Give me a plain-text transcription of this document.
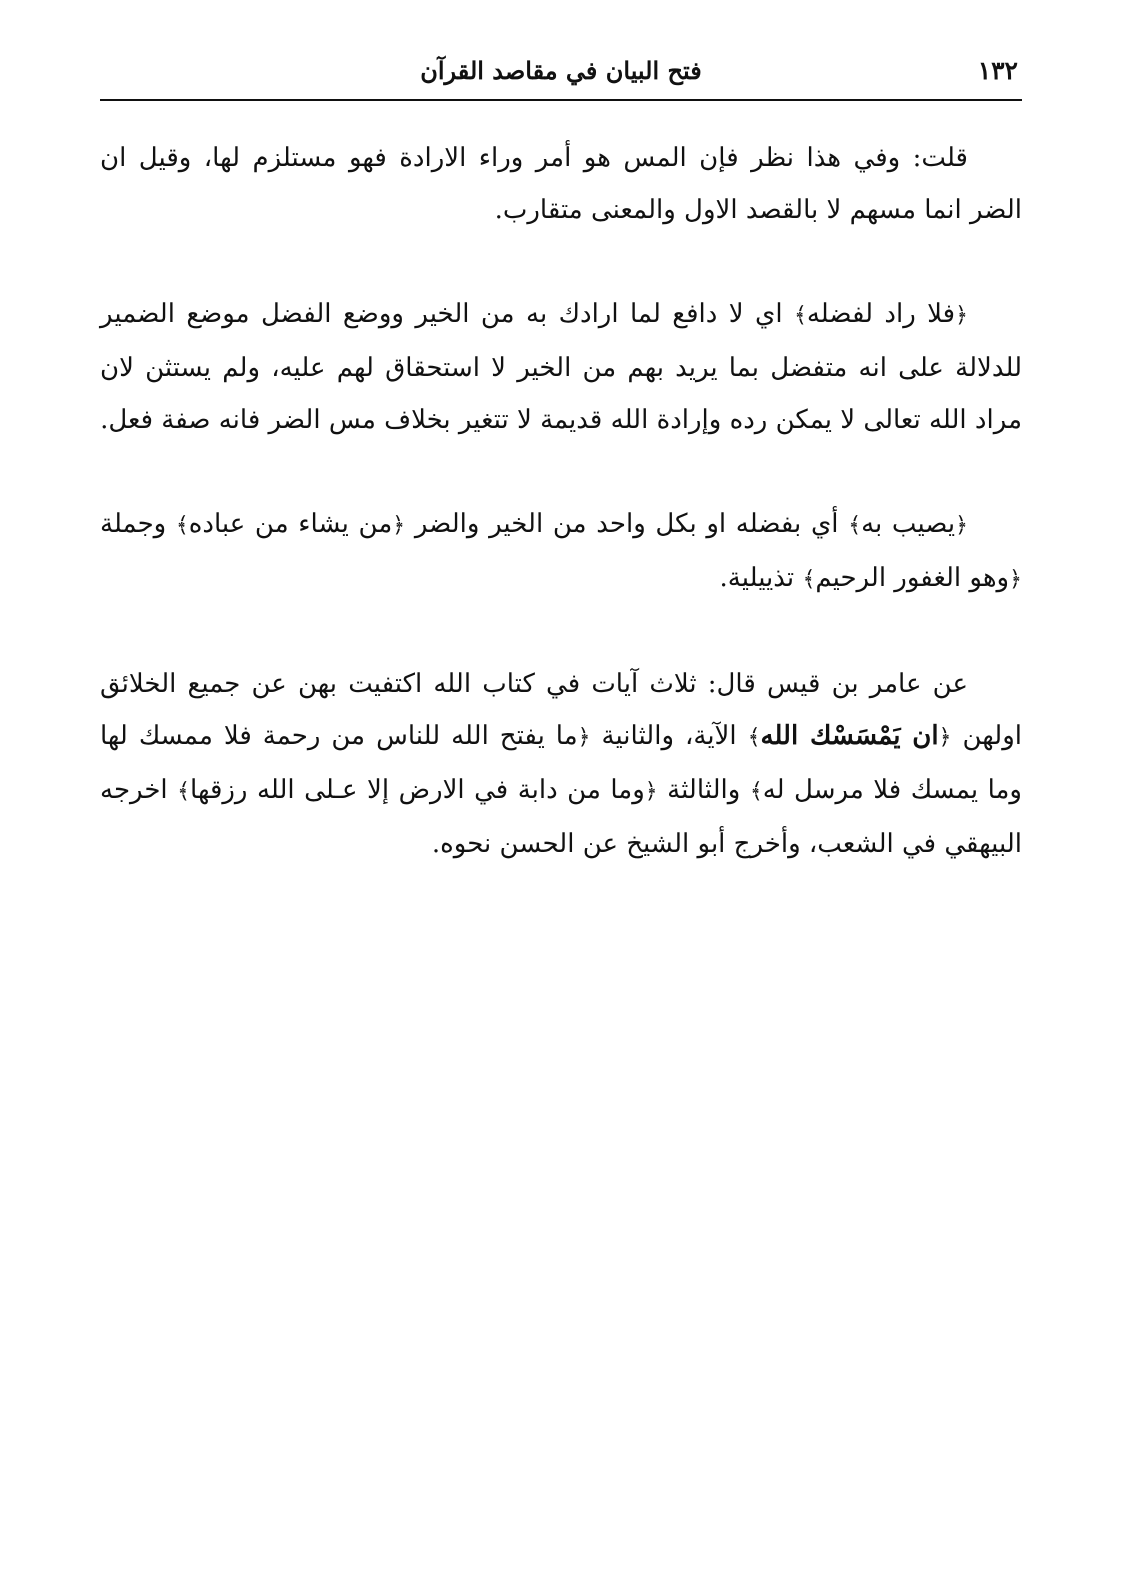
١٣٢
فتح البيان في مقاصد القرآن

قلت: وفي هذا نظر فإن المس هو أمر وراء الارادة فهو مستلزم لها، وقيل ان الضر انما مسهم لا بالقصد الاول والمعنى متقارب.

﴿فلا راد لفضله﴾ اي لا دافع لما ارادك به من الخير ووضع الفضل موضع الضمير للدلالة على انه متفضل بما يريد بهم من الخير لا استحقاق لهم عليه، ولم يستثن لان مراد الله تعالى لا يمكن رده وإرادة الله قديمة لا تتغير بخلاف مس الضر فانه صفة فعل.

﴿يصيب به﴾ أي بفضله او بكل واحد من الخير والضر ﴿من يشاء من عباده﴾ وجملة ﴿وهو الغفور الرحيم﴾ تذييلية.

عن عامر بن قيس قال: ثلاث آيات في كتاب الله اكتفيت بهن عن جميع الخلائق اولهن ﴿ان يَمْسَسْك الله﴾ الآية، والثانية ﴿ما يفتح الله للناس من رحمة فلا ممسك لها وما يمسك فلا مرسل له﴾ والثالثة ﴿وما من دابة في الارض إلا عـلى الله رزقها﴾ اخرجه البيهقي في الشعب، وأخرج أبو الشيخ عن الحسن نحوه.
